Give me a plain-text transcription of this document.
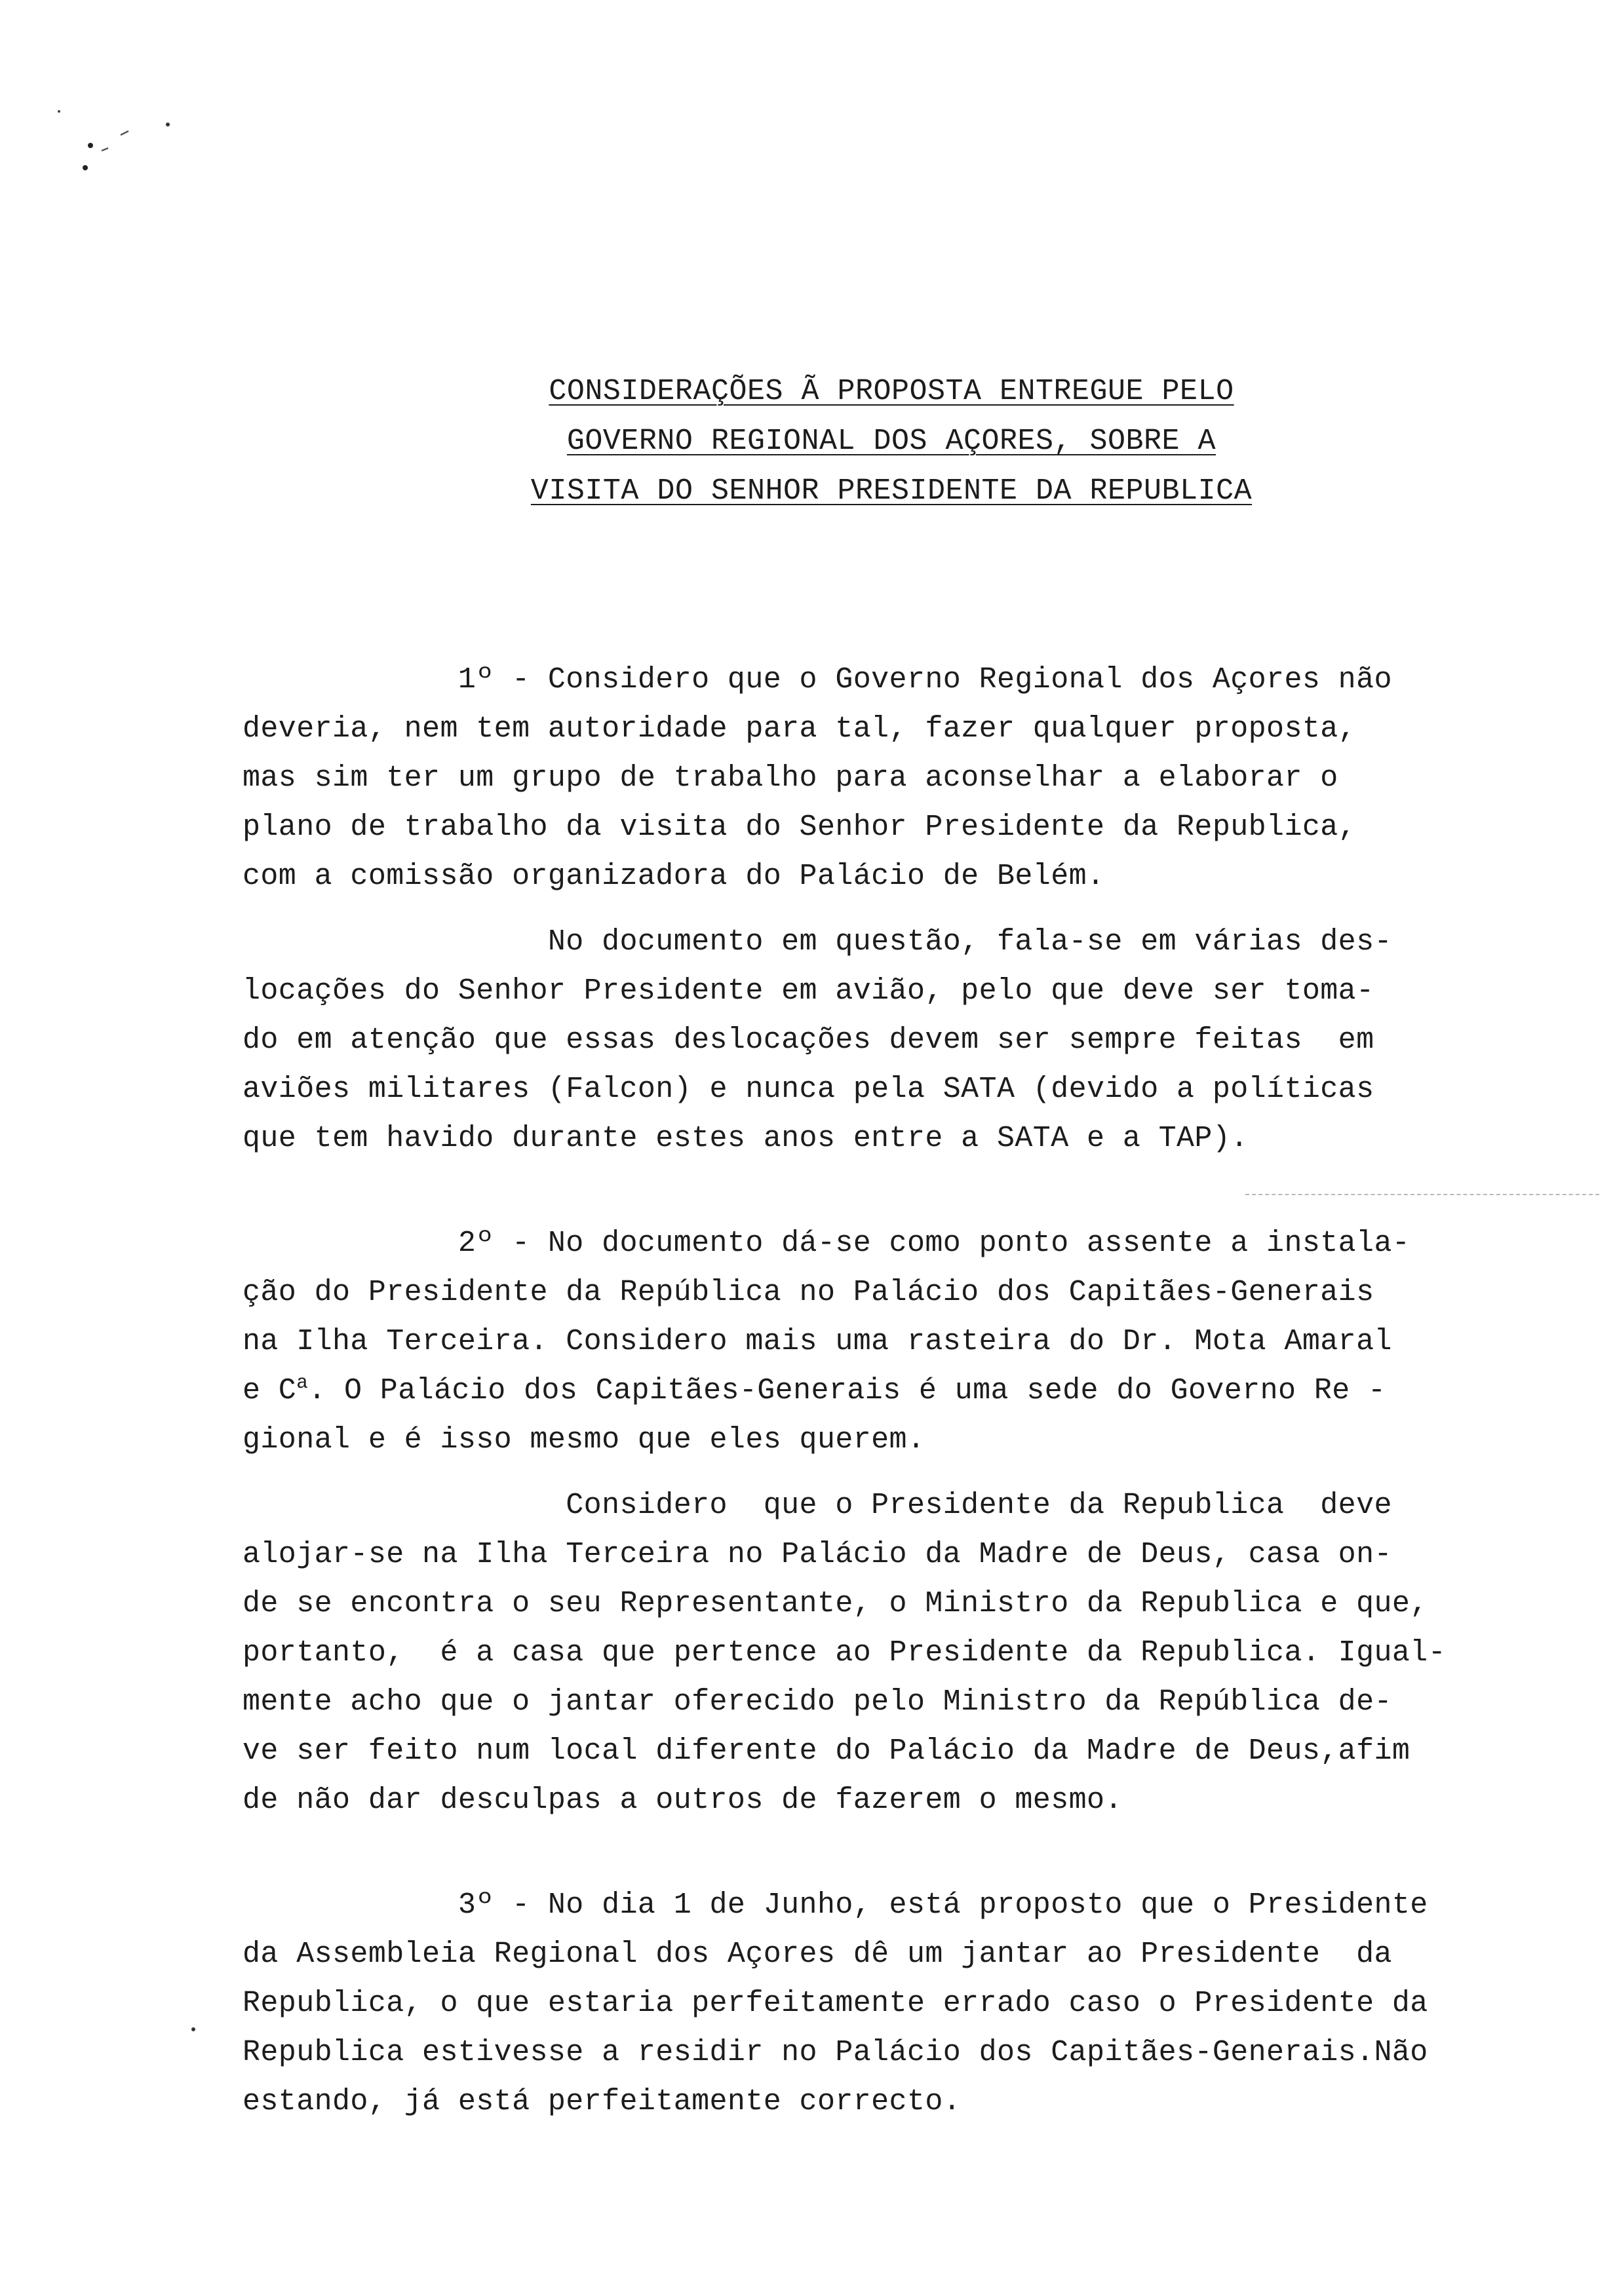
CONSIDERAÇÕES Ã PROPOSTA ENTREGUE PELO
GOVERNO REGIONAL DOS AÇORES, SOBRE A
VISITA DO SENHOR PRESIDENTE DA REPUBLICA

1º - Considero que o Governo Regional dos Açores não
deveria, nem tem autoridade para tal, fazer qualquer proposta,
mas sim ter um grupo de trabalho para aconselhar a elaborar o
plano de trabalho da visita do Senhor Presidente da Republica,
com a comissão organizadora do Palácio de Belém.

No documento em questão, fala-se em várias des-
locações do Senhor Presidente em avião, pelo que deve ser toma-
do em atenção que essas deslocações devem ser sempre feitas  em
aviões militares (Falcon) e nunca pela SATA (devido a políticas
que tem havido durante estes anos entre a SATA e a TAP).

2º - No documento dá-se como ponto assente a instala-
ção do Presidente da República no Palácio dos Capitães-Generais
na Ilha Terceira. Considero mais uma rasteira do Dr. Mota Amaral
e $C^a$. O Palácio dos Capitães-Generais é uma sede do Governo Re -
gional e é isso mesmo que eles querem.

Considero  que o Presidente da Republica  deve
alojar-se na Ilha Terceira no Palácio da Madre de Deus, casa on-
de se encontra o seu Representante, o Ministro da Republica e que,
portanto,  é a casa que pertence ao Presidente da Republica. Igual-
mente acho que o jantar oferecido pelo Ministro da República de-
ve ser feito num local diferente do Palácio da Madre de Deus,afim
de não dar desculpas a outros de fazerem o mesmo.

3º - No dia 1 de Junho, está proposto que o Presidente
da Assembleia Regional dos Açores dê um jantar ao Presidente  da
Republica, o que estaria perfeitamente errado caso o Presidente da
Republica estivesse a residir no Palácio dos Capitães-Generais.Não
estando, já está perfeitamente correcto.
